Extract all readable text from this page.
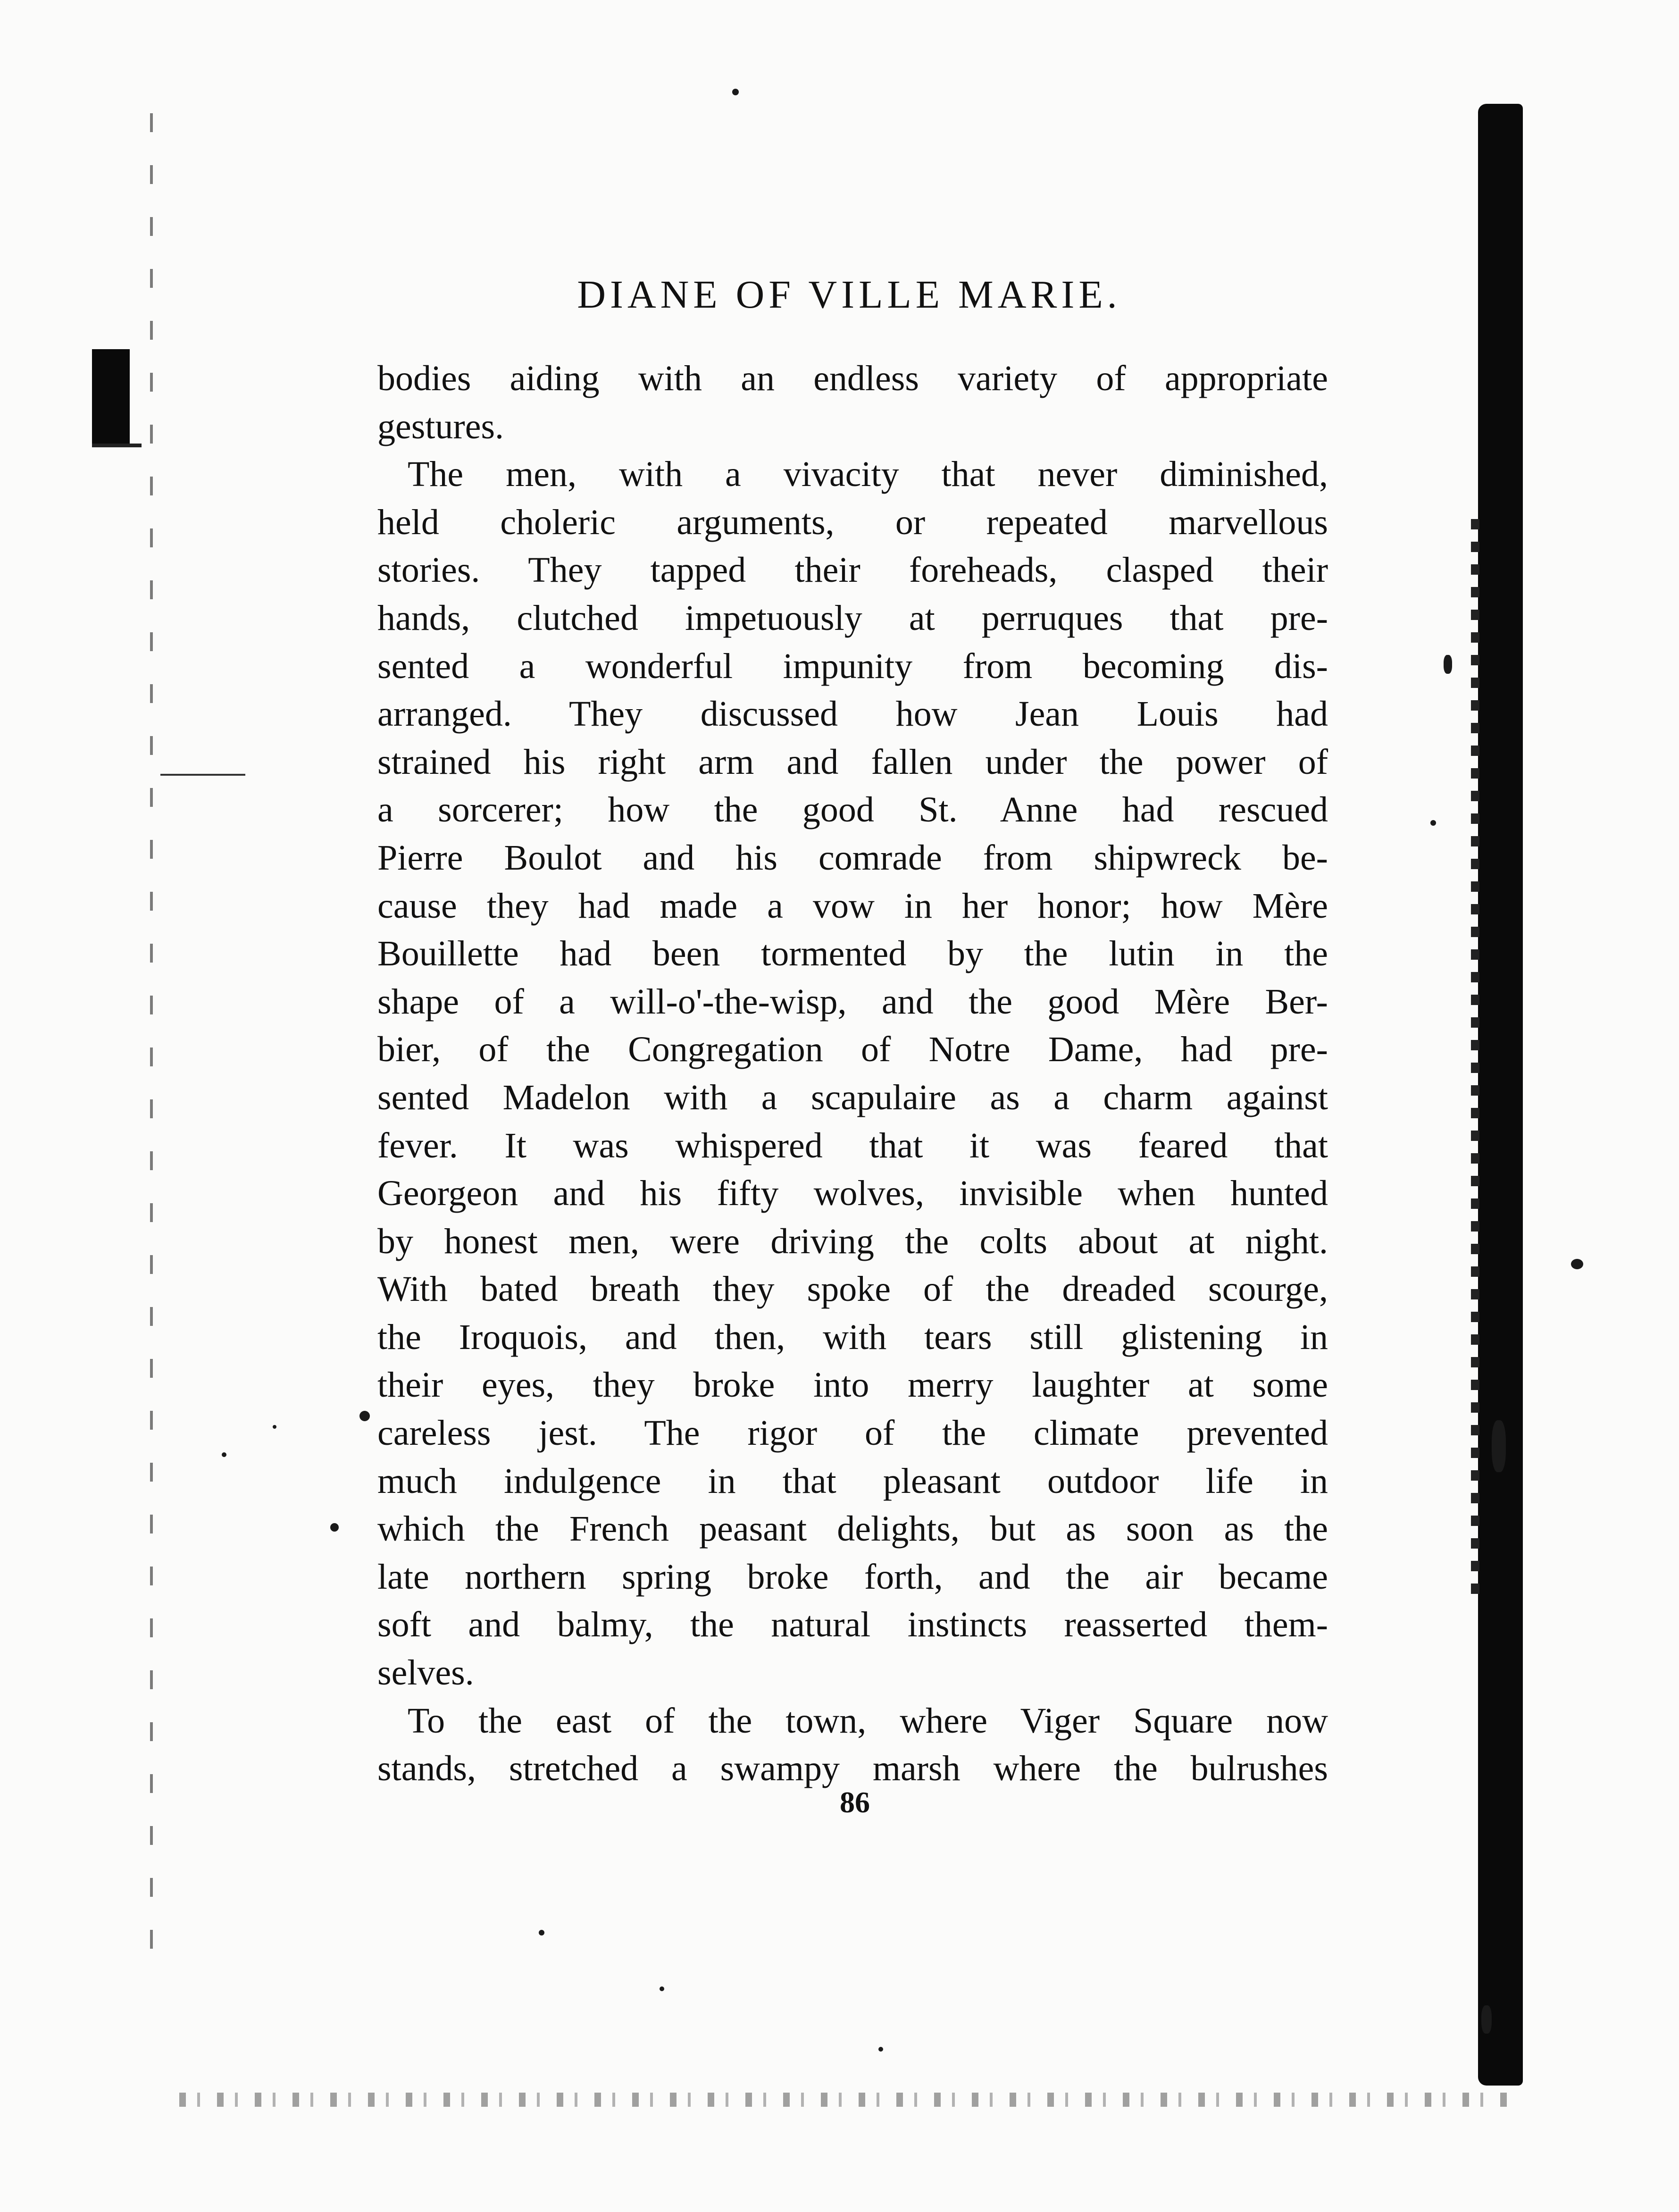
DIANE OF VILLE MARIE.
bodies aiding with an endless variety of appropriate
gestures.
The men, with a vivacity that never diminished,
held choleric arguments, or repeated marvellous
stories. They tapped their foreheads, clasped their
hands, clutched impetuously at perruques that pre-
sented a wonderful impunity from becoming dis-
arranged. They discussed how Jean Louis had
strained his right arm and fallen under the power of
a sorcerer; how the good St. Anne had rescued
Pierre Boulot and his comrade from shipwreck be-
cause they had made a vow in her honor; how Mère
Bouillette had been tormented by the lutin in the
shape of a will-o'-the-wisp, and the good Mère Ber-
bier, of the Congregation of Notre Dame, had pre-
sented Madelon with a scapulaire as a charm against
fever. It was whispered that it was feared that
Georgeon and his fifty wolves, invisible when hunted
by honest men, were driving the colts about at night.
With bated breath they spoke of the dreaded scourge,
the Iroquois, and then, with tears still glistening in
their eyes, they broke into merry laughter at some
careless jest. The rigor of the climate prevented
much indulgence in that pleasant outdoor life in
which the French peasant delights, but as soon as the
late northern spring broke forth, and the air became
soft and balmy, the natural instincts reasserted them-
selves.
To the east of the town, where Viger Square now
stands, stretched a swampy marsh where the bulrushes
86
